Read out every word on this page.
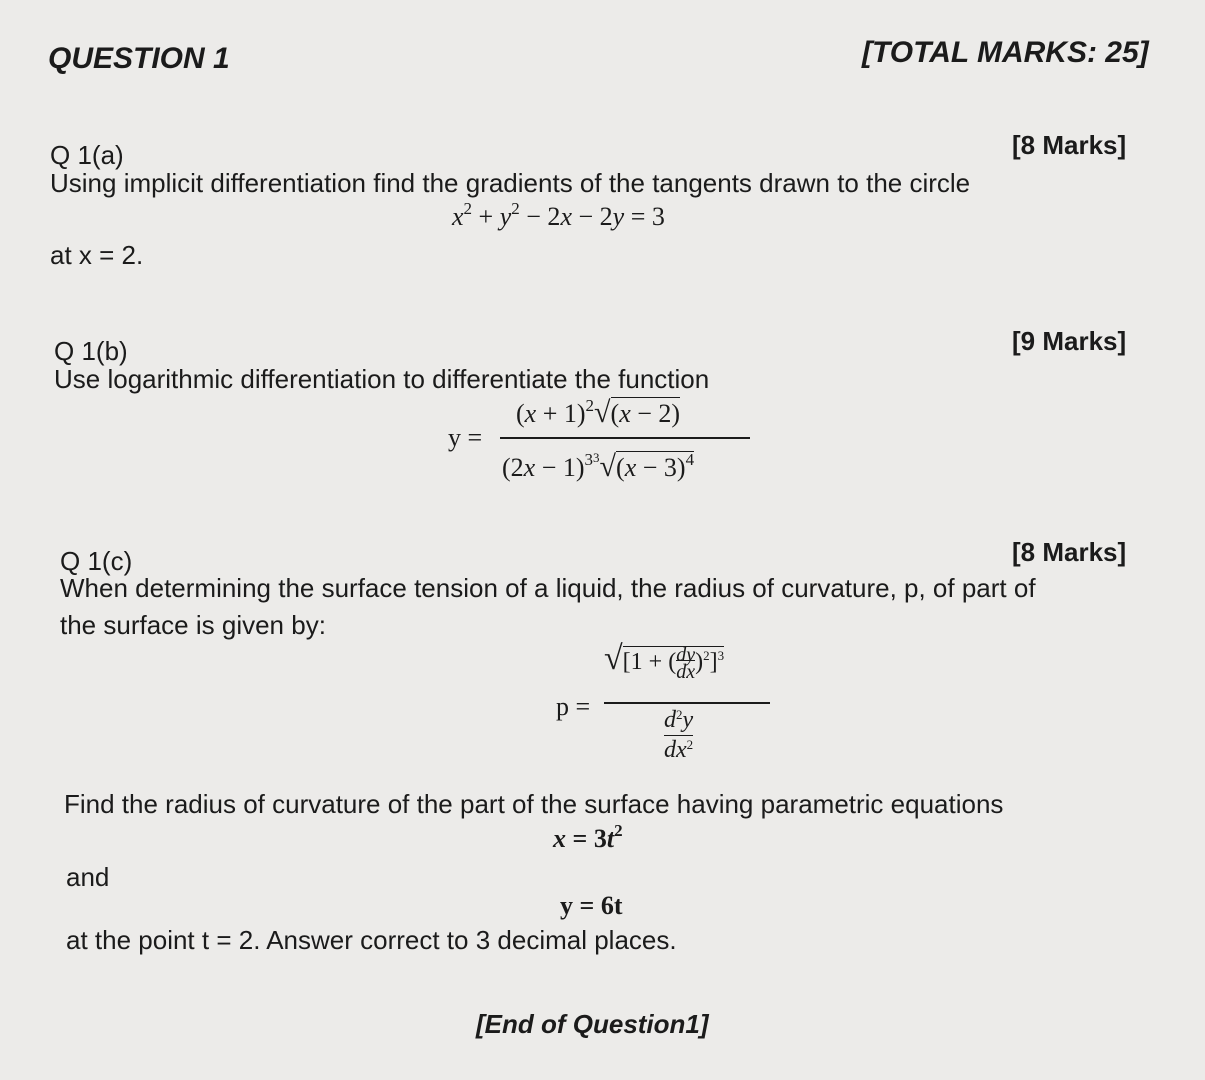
QUESTION 1	[TOTAL MARKS: 25]
Q 1(a)	[8 Marks]
Using implicit differentiation find the gradients of the tangents drawn to the circle
$x^2 + y^2 - 2x - 2y = 3$
at x = 2.
Q 1(b)	[9 Marks]
Use logarithmic differentiation to differentiate the function
y =
$(x + 1)^2√(x - 2)$
$(2x - 1)^{33}√(x - 3)^4$
Q 1(c)	[8 Marks]
When determining the surface tension of a liquid, the radius of curvature, p, of part of
the surface is given by:
p =
√[1 + (dy
dx)$^2$]$^3$
$d^2y$
$dx^2$
Find the radius of curvature of the part of the surface having parametric equations
$x = 3t^2$
and
y = 6t
at the point t = 2. Answer correct to 3 decimal places.
[End of Question1]
